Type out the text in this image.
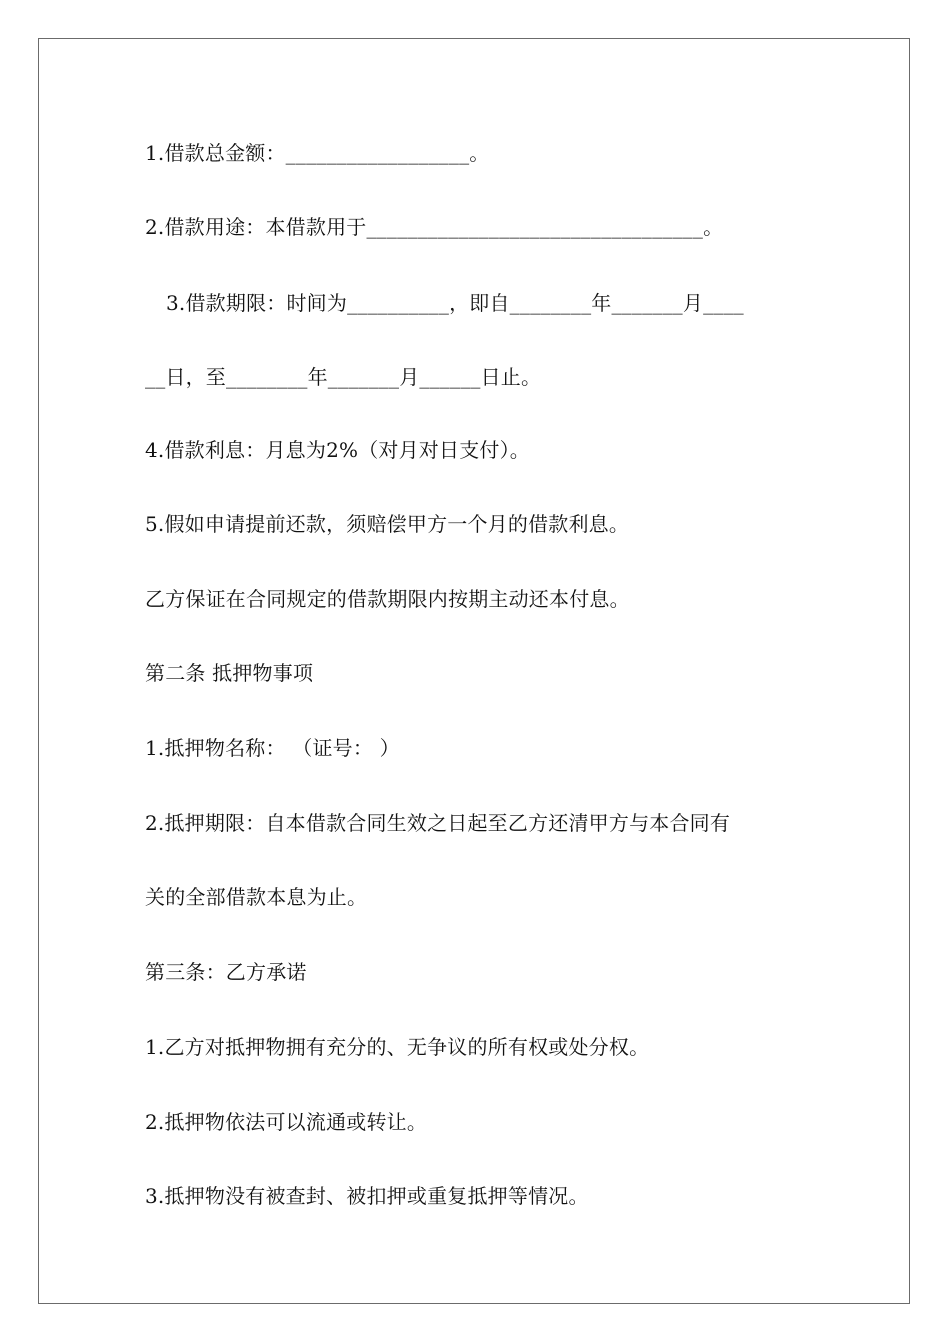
1.借款总金额：__________________。
2.借款用途：本借款用于_________________________________。
3.借款期限：时间为__________，即自________年_______月____
__日，至________年_______月______日止。
4.借款利息：月息为2%（对月对日支付）。
5.假如申请提前还款，须赔偿甲方一个月的借款利息。
乙方保证在合同规定的借款期限内按期主动还本付息。
第二条 抵押物事项
1.抵押物名称： （证号： ）
2.抵押期限：自本借款合同生效之日起至乙方还清甲方与本合同有
关的全部借款本息为止。
第三条：乙方承诺
1.乙方对抵押物拥有充分的、无争议的所有权或处分权。
2.抵押物依法可以流通或转让。
3.抵押物没有被查封、被扣押或重复抵押等情况。
